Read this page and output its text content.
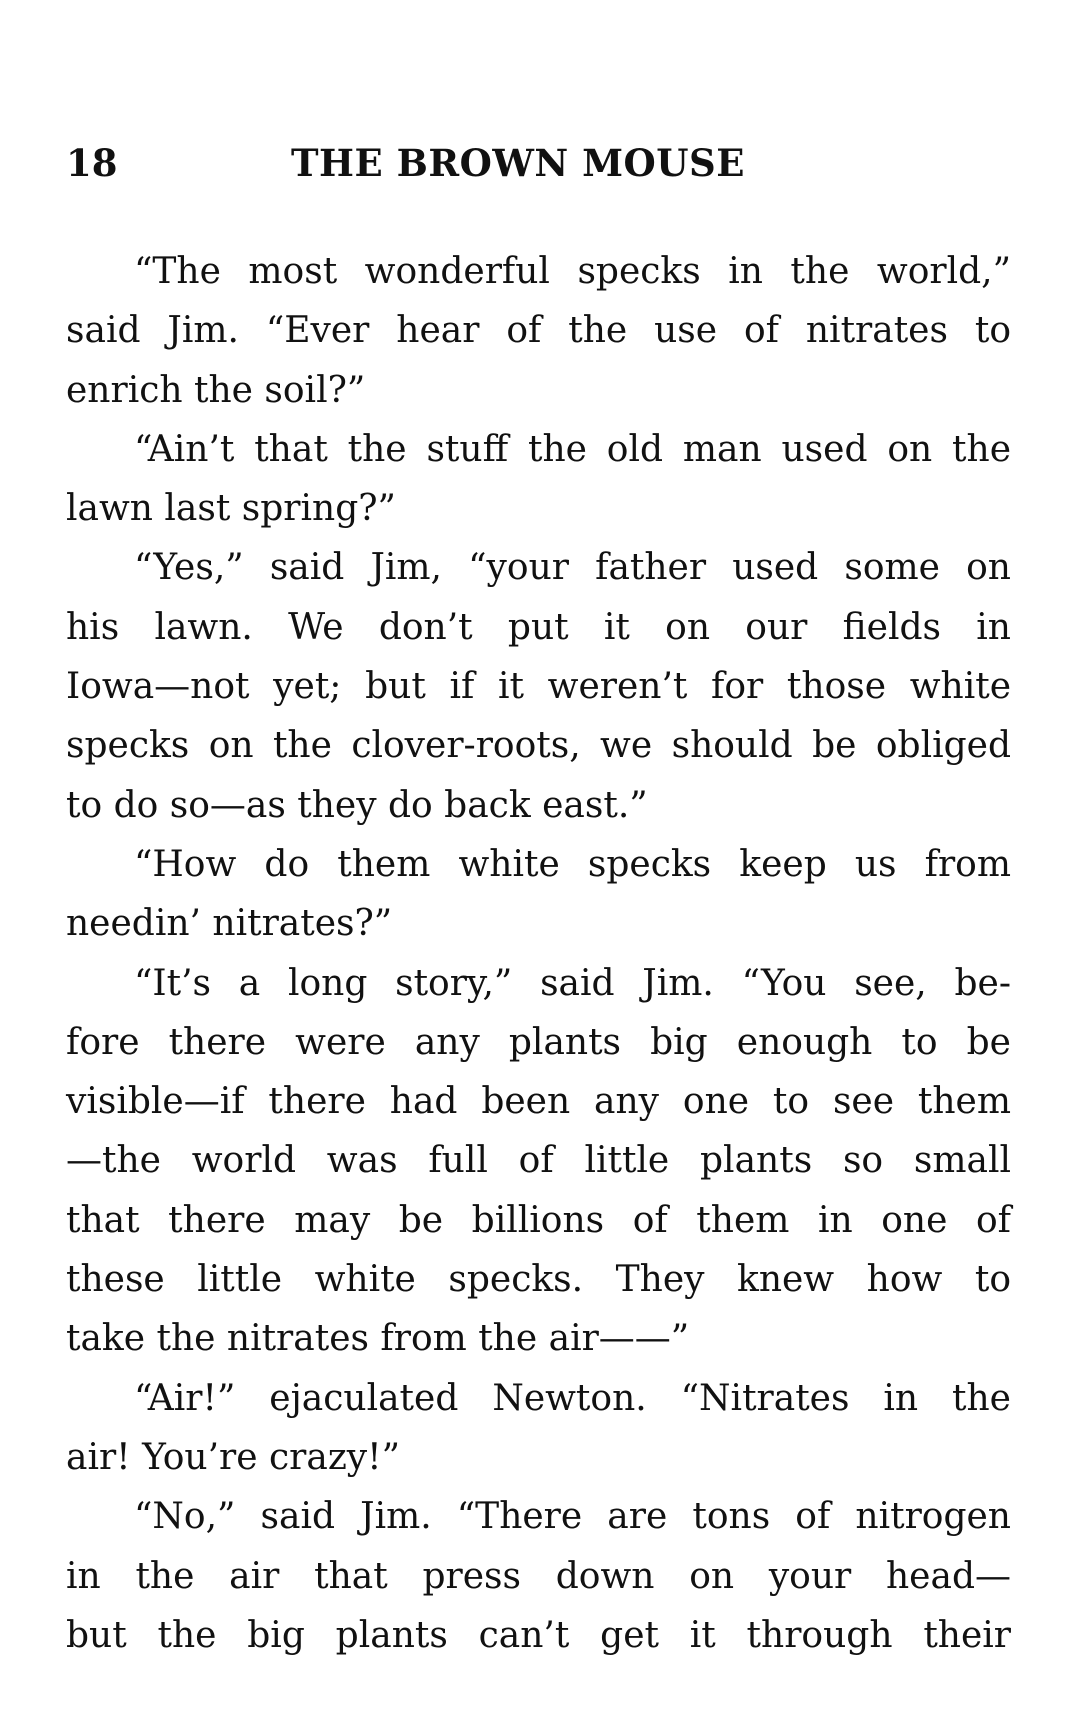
18	THE BROWN MOUSE
“The most wonderful specks in the world,”
said Jim. “Ever hear of the use of nitrates to
enrich the soil?”
“Ain’t that the stuff the old man used on the
lawn last spring?”
“Yes,” said Jim, “your father used some on
his lawn. We don’t put it on our fields in
Iowa—not yet; but if it weren’t for those white
specks on the clover-roots, we should be obliged
to do so—as they do back east.”
“How do them white specks keep us from
needin’ nitrates?”
“It’s a long story,” said Jim. “You see, be-
fore there were any plants big enough to be
visible—if there had been any one to see them
—the world was full of little plants so small
that there may be billions of them in one of
these little white specks. They knew how to
take the nitrates from the air——”
“Air!” ejaculated Newton. “Nitrates in the
air! You’re crazy!”
“No,” said Jim. “There are tons of nitrogen
in the air that press down on your head—
but the big plants can’t get it through their
